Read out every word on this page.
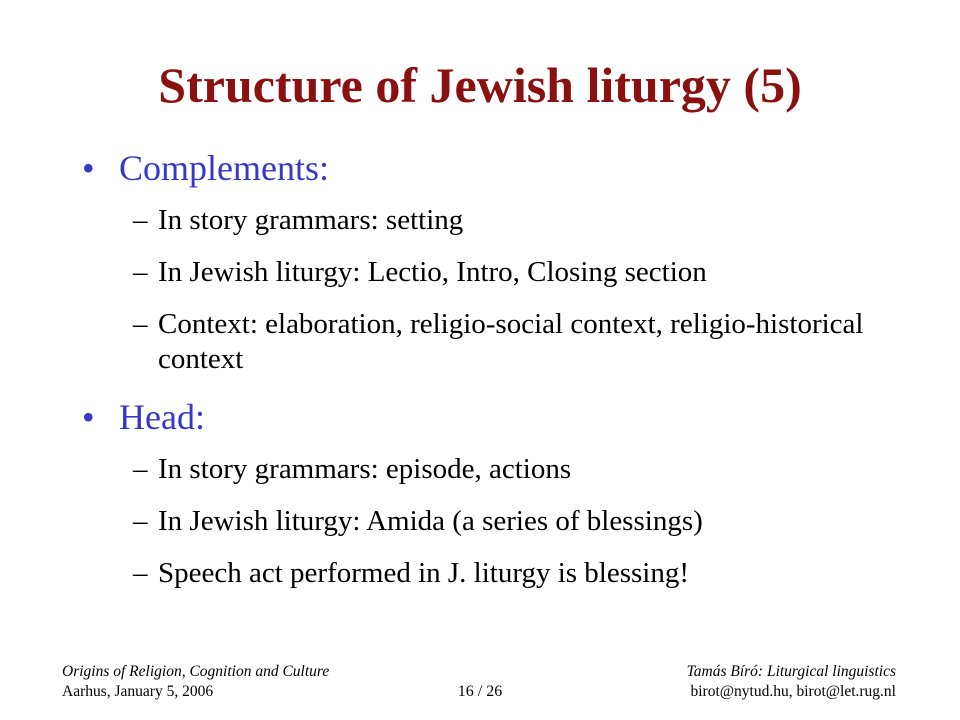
Structure of Jewish liturgy (5)
• Complements:
– In story grammars: setting
– In Jewish liturgy: Lectio, Intro, Closing section
– Context: elaboration, religio-social context, religio-historical context
• Head:
– In story grammars: episode, actions
– In Jewish liturgy: Amida (a series of blessings)
– Speech act performed in J. liturgy is blessing!
Origins of Religion, Cognition and Culture
Aarhus, January 5, 2006	16 / 26
Tamás Bíró: Liturgical linguistics
birot@nytud.hu, birot@let.rug.nl
